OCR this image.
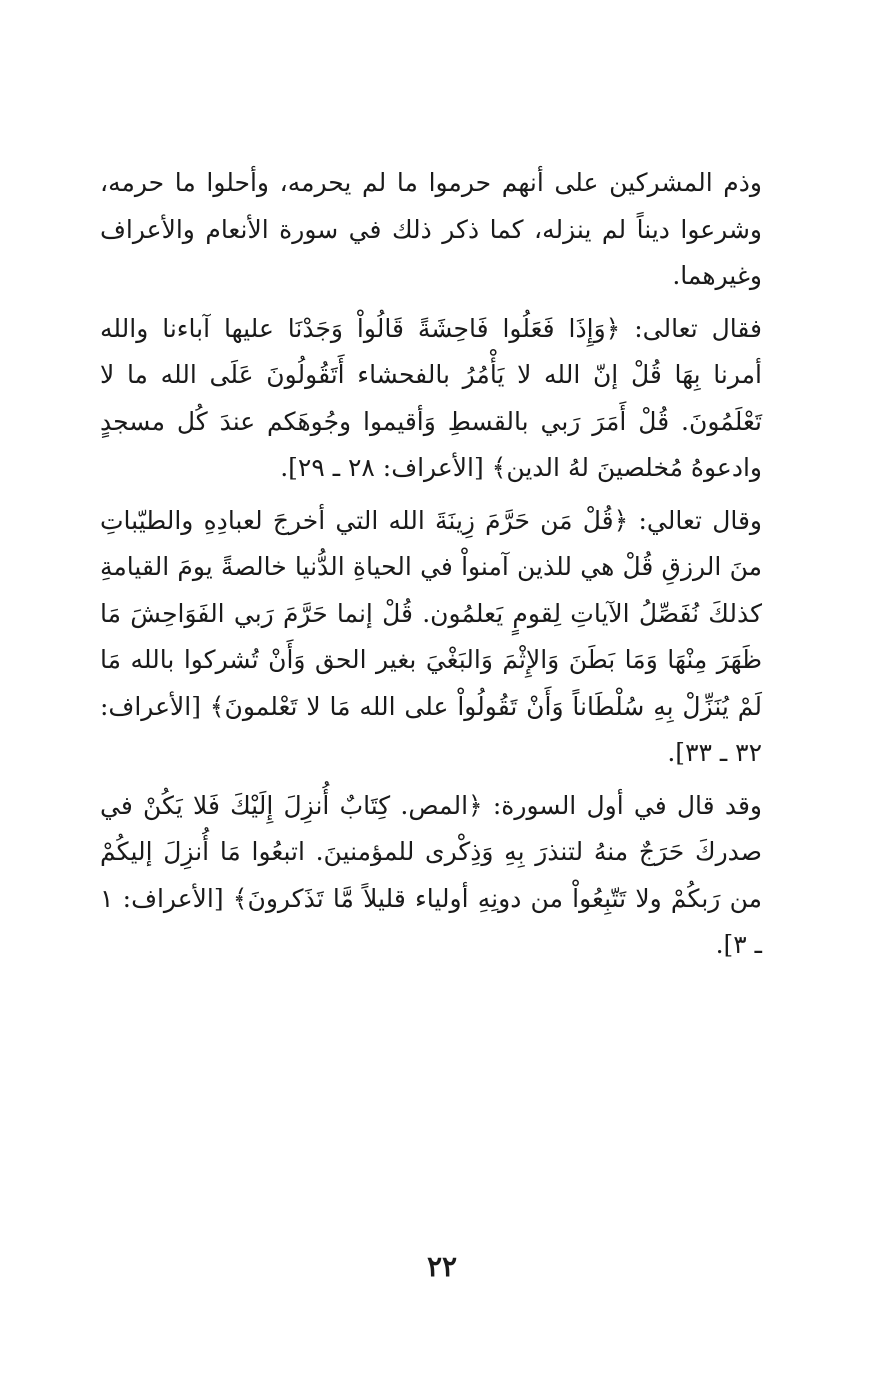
وذم المشركين على أنهم حرموا ما لم يحرمه، وأحلوا ما حرمه، وشرعوا ديناً لم ينزله، كما ذكر ذلك في سورة الأنعام والأعراف وغيرهما.

فقال تعالى: ﴿وَإِذَا فَعَلُوا فَاحِشَةً قَالُواْ وَجَدْنَا عليها آباءنا والله أمرنا بِهَا قُلْ إنّ الله لا يَأْمُرُ بالفحشاء أَتَقُولُونَ عَلَى الله ما لا تَعْلَمُونَ. قُلْ أَمَرَ رَبي بالقسطِ وَأقيموا وجُوهَكم عندَ كُل مسجدٍ وادعوهُ مُخلصينَ لهُ الدين﴾ [الأعراف: ٢٨ ـ ٢٩].

وقال تعالي: ﴿قُلْ مَن حَرَّمَ زِينَةَ الله التي أخرجَ لعبادِهِ والطيّباتِ منَ الرزقِ قُلْ هي للذين آمنواْ في الحياةِ الدُّنيا خالصةً يومَ القيامةِ كذلكَ نُفَصِّلُ الآياتِ لِقومٍ يَعلمُون. قُلْ إنما حَرَّمَ رَبي الفَوَاحِشَ مَا ظَهَرَ مِنْهَا وَمَا بَطَنَ وَالإِثْمَ وَالبَغْيَ بغير الحق وَأَنْ تُشركوا بالله مَا لَمْ يُنَزِّلْ بِهِ سُلْطَاناً وَأَنْ تَقُولُواْ على الله مَا لا تَعْلمونَ﴾ [الأعراف: ٣٢ ـ ٣٣].

وقد قال في أول السورة: ﴿المص. كِتَابٌ أُنزِلَ إِلَيْكَ فَلا يَكُنْ في صدركَ حَرَجٌ منهُ لتنذرَ بِهِ وَذِكْرى للمؤمنينَ. اتبعُوا مَا أُنزِلَ إليكُمْ من رَبكُمْ ولا تَتّبِعُواْ من دونِهِ أولياء قليلاً مَّا تَذَكرونَ﴾ [الأعراف: ١ ـ ٣].

٢٢
